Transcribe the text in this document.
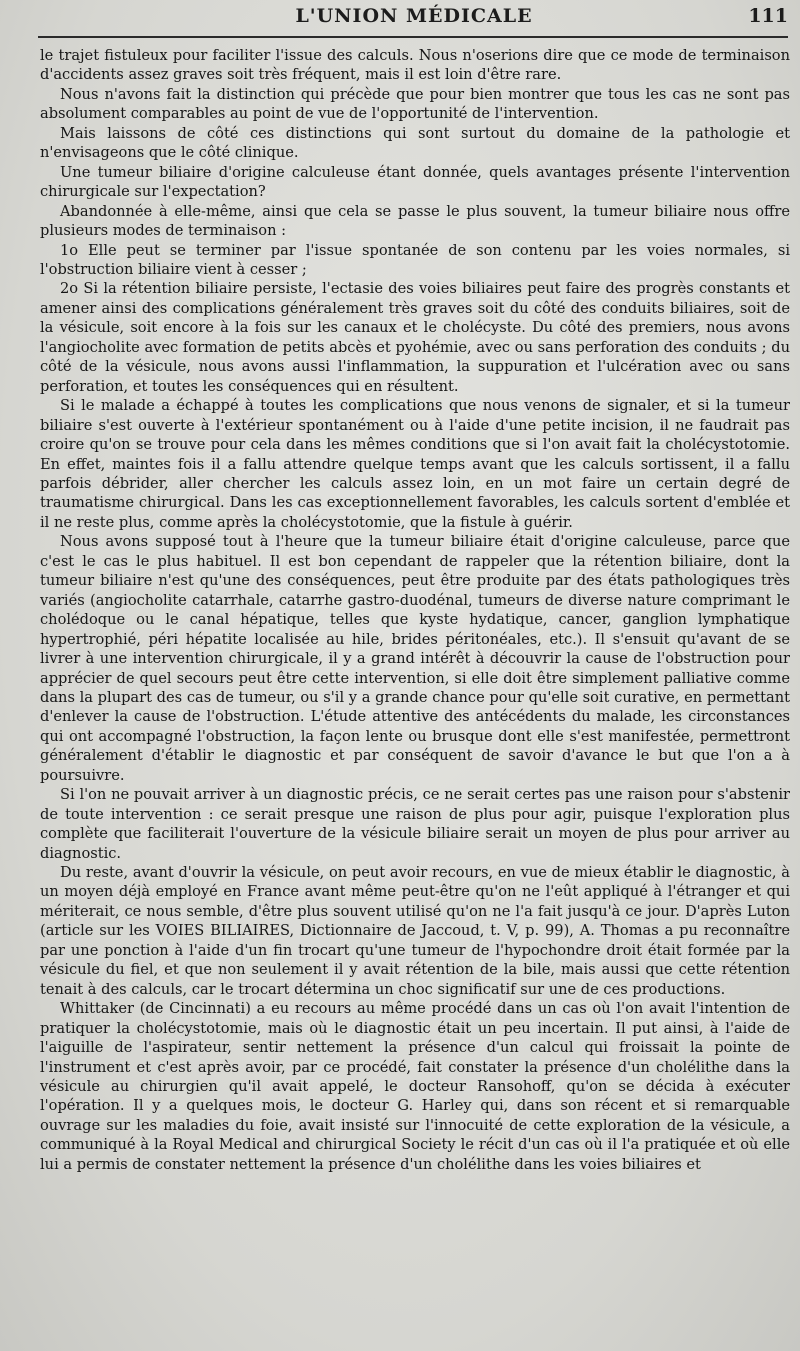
L'UNION MÉDICALE	111

le trajet fistuleux pour faciliter l'issue des calculs. Nous n'oserions dire que ce mode de terminaison d'accidents assez graves soit très fréquent, mais il est loin d'être rare.

Nous n'avons fait la distinction qui précède que pour bien montrer que tous les cas ne sont pas absolument comparables au point de vue de l'opportunité de l'intervention.

Mais laissons de côté ces distinctions qui sont surtout du domaine de la pathologie et n'envisageons que le côté clinique.

Une tumeur biliaire d'origine calculeuse étant donnée, quels avantages présente l'intervention chirurgicale sur l'expectation?

Abandonnée à elle-même, ainsi que cela se passe le plus souvent, la tumeur biliaire nous offre plusieurs modes de terminaison :

1o Elle peut se terminer par l'issue spontanée de son contenu par les voies normales, si l'obstruction biliaire vient à cesser ;

2o Si la rétention biliaire persiste, l'ectasie des voies biliaires peut faire des progrès constants et amener ainsi des complications généralement très graves soit du côté des conduits biliaires, soit de la vésicule, soit encore à la fois sur les canaux et le cholécyste. Du côté des premiers, nous avons l'angiocholite avec formation de petits abcès et pyohémie, avec ou sans perforation des conduits ; du côté de la vésicule, nous avons aussi l'inflammation, la suppuration et l'ulcération avec ou sans perforation, et toutes les conséquences qui en résultent.

Si le malade a échappé à toutes les complications que nous venons de signaler, et si la tumeur biliaire s'est ouverte à l'extérieur spontanément ou à l'aide d'une petite incision, il ne faudrait pas croire qu'on se trouve pour cela dans les mêmes conditions que si l'on avait fait la cholécystotomie. En effet, maintes fois il a fallu attendre quelque temps avant que les calculs sortissent, il a fallu parfois débrider, aller chercher les calculs assez loin, en un mot faire un certain degré de traumatisme chirurgical. Dans les cas exceptionnellement favorables, les calculs sortent d'emblée et il ne reste plus, comme après la cholécystotomie, que la fistule à guérir.

Nous avons supposé tout à l'heure que la tumeur biliaire était d'origine calculeuse, parce que c'est le cas le plus habituel. Il est bon cependant de rappeler que la rétention biliaire, dont la tumeur biliaire n'est qu'une des conséquences, peut être produite par des états pathologiques très variés (angiocholite catarrhale, catarrhe gastro-duodénal, tumeurs de diverse nature comprimant le cholédoque ou le canal hépatique, telles que kyste hydatique, cancer, ganglion lymphatique hypertrophié, péri hépatite localisée au hile, brides péritonéales, etc.). Il s'ensuit qu'avant de se livrer à une intervention chirurgicale, il y a grand intérêt à découvrir la cause de l'obstruction pour apprécier de quel secours peut être cette intervention, si elle doit être simplement palliative comme dans la plupart des cas de tumeur, ou s'il y a grande chance pour qu'elle soit curative, en permettant d'enlever la cause de l'obstruction. L'étude attentive des antécédents du malade, les circonstances qui ont accompagné l'obstruction, la façon lente ou brusque dont elle s'est manifestée, permettront généralement d'établir le diagnostic et par conséquent de savoir d'avance le but que l'on a à poursuivre.

Si l'on ne pouvait arriver à un diagnostic précis, ce ne serait certes pas une raison pour s'abstenir de toute intervention : ce serait presque une raison de plus pour agir, puisque l'exploration plus complète que faciliterait l'ouverture de la vésicule biliaire serait un moyen de plus pour arriver au diagnostic.

Du reste, avant d'ouvrir la vésicule, on peut avoir recours, en vue de mieux établir le diagnostic, à un moyen déjà employé en France avant même peut-être qu'on ne l'eût appliqué à l'étranger et qui mériterait, ce nous semble, d'être plus souvent utilisé qu'on ne l'a fait jusqu'à ce jour. D'après Luton (article sur les VOIES BILIAIRES, Dictionnaire de Jaccoud, t. V, p. 99), A. Thomas a pu reconnaître par une ponction à l'aide d'un fin trocart qu'une tumeur de l'hypochondre droit était formée par la vésicule du fiel, et que non seulement il y avait rétention de la bile, mais aussi que cette rétention tenait à des calculs, car le trocart détermina un choc significatif sur une de ces productions.

Whittaker (de Cincinnati) a eu recours au même procédé dans un cas où l'on avait l'intention de pratiquer la cholécystotomie, mais où le diagnostic était un peu incertain. Il put ainsi, à l'aide de l'aiguille de l'aspirateur, sentir nettement la présence d'un calcul qui froissait la pointe de l'instrument et c'est après avoir, par ce procédé, fait constater la présence d'un cholélithe dans la vésicule au chirurgien qu'il avait appelé, le docteur Ransohoff, qu'on se décida à exécuter l'opération. Il y a quelques mois, le docteur G. Harley qui, dans son récent et si remarquable ouvrage sur les maladies du foie, avait insisté sur l'innocuité de cette exploration de la vésicule, a communiqué à la Royal Medical and chirurgical Society le récit d'un cas où il l'a pratiquée et où elle lui a permis de constater nettement la présence d'un cholélithe dans les voies biliaires et
